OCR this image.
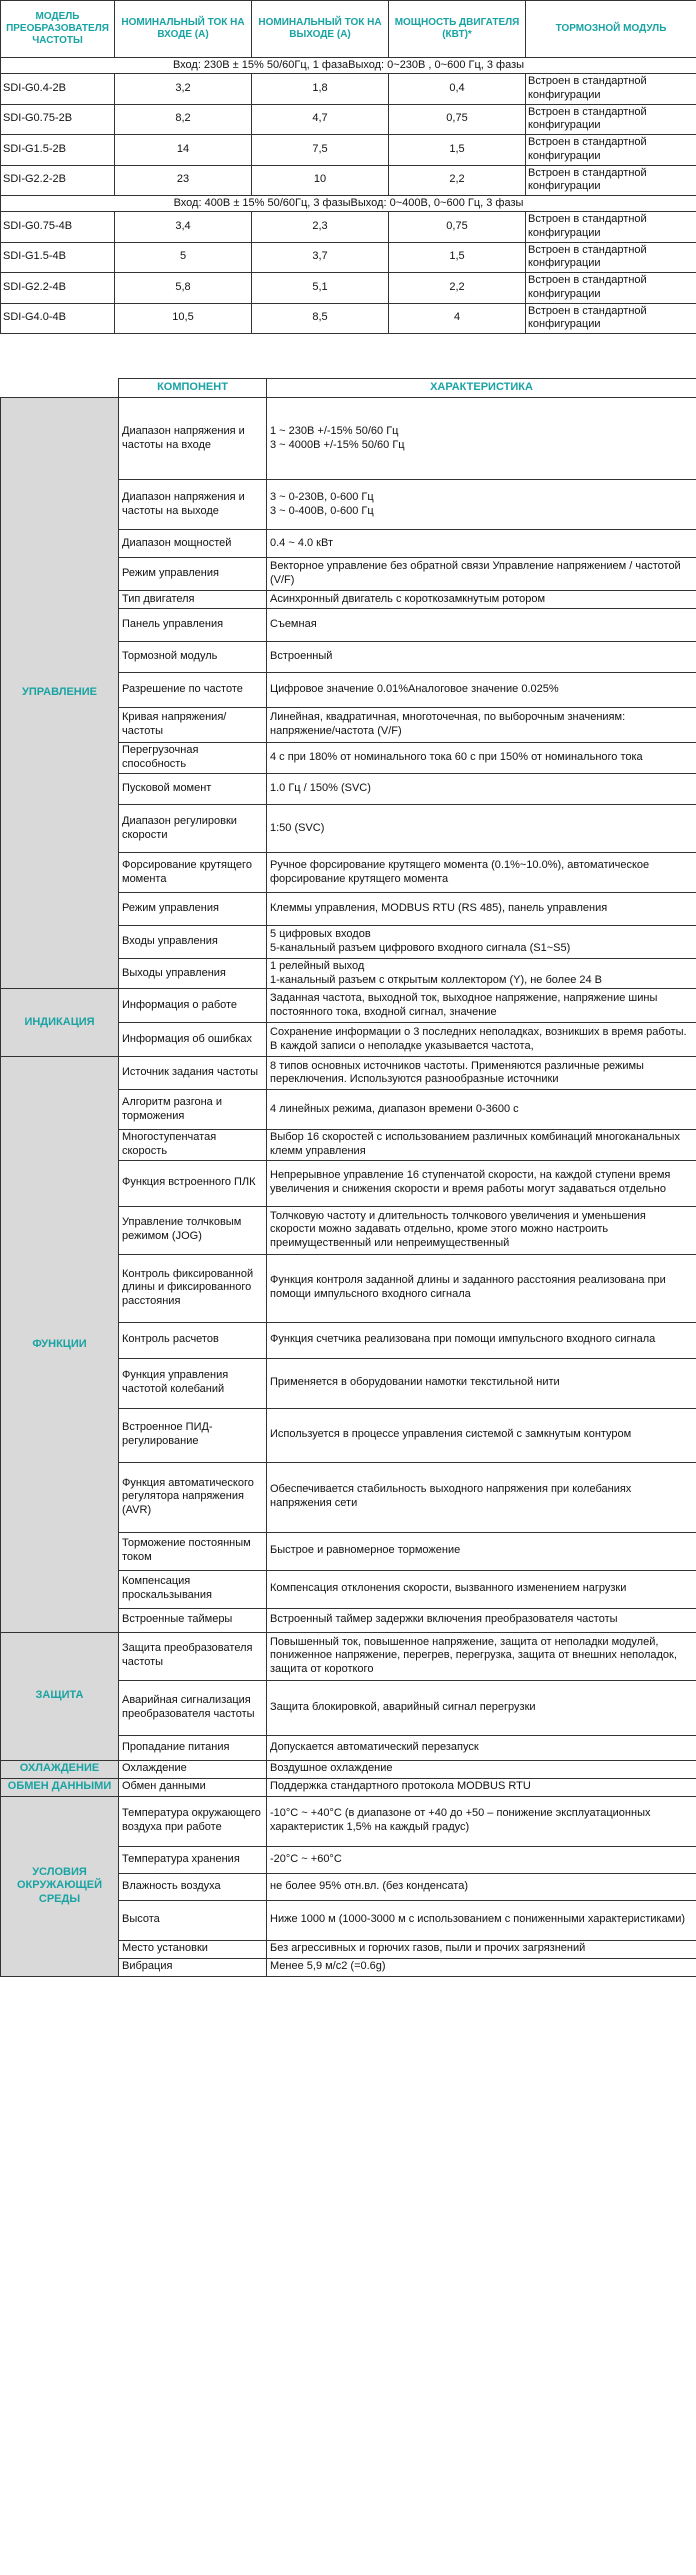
МОДЕЛЬ ПРЕОБРАЗОВАТЕЛЯ ЧАСТОТЫ	НОМИНАЛЬНЫЙ ТОК НА ВХОДЕ (А)	НОМИНАЛЬНЫЙ ТОК НА ВЫХОДЕ (А)	МОЩНОСТЬ ДВИГАТЕЛЯ (КВТ)*	ТОРМОЗНОЙ МОДУЛЬ
Вход: 230В ± 15% 50/60Гц, 1 фазаВыход: 0~230В , 0~600 Гц, 3 фазы				
SDI-G0.4-2B	3,2	1,8	0,4	Встроен в стандартной конфигурации
SDI-G0.75-2B	8,2	4,7	0,75	Встроен в стандартной конфигурации
SDI-G1.5-2B	14	7,5	1,5	Встроен в стандартной конфигурации
SDI-G2.2-2B	23	10	2,2	Встроен в стандартной конфигурации
Вход: 400В ± 15% 50/60Гц, 3 фазыВыход: 0~400В, 0~600 Гц, 3 фазы				
SDI-G0.75-4B	3,4	2,3	0,75	Встроен в стандартной конфигурации
SDI-G1.5-4B	5	3,7	1,5	Встроен в стандартной конфигурации
SDI-G2.2-4B	5,8	5,1	2,2	Встроен в стандартной конфигурации
SDI-G4.0-4B	10,5	8,5	4	Встроен в стандартной конфигурации
	КОМПОНЕНТ	ХАРАКТЕРИСТИКА
УПРАВЛЕНИЕ	Диапазон напряжения и частоты на входе	1 ~ 230В +/-15% 50/60 Гц
3 ~ 4000В +/-15% 50/60 Гц
	Диапазон напряжения и частоты на выходе	3 ~ 0-230В, 0-600 Гц
3 ~ 0-400В, 0-600 Гц
	Диапазон мощностей	0.4 ~ 4.0 кВт
	Режим управления	Векторное управление без обратной связи Управление напряжением / частотой (V/F)
	Тип двигателя	Асинхронный двигатель с короткозамкнутым ротором
	Панель управления	Съемная
	Тормозной модуль	Встроенный
	Разрешение по частоте	Цифровое значение 0.01%Аналоговое значение 0.025%
	Кривая напряжения/частоты	Линейная, квадратичная, многоточечная, по выборочным значениям: напряжение/частота (V/F)
	Перегрузочная способность	4 с при 180% от номинального тока 60 с при 150% от номинального тока
	Пусковой момент	1.0 Гц / 150% (SVC)
	Диапазон регулировки скорости	1:50 (SVC)
	Форсирование крутящего момента	Ручное форсирование крутящего момента (0.1%~10.0%), автоматическое форсирование крутящего момента
	Режим управления	Клеммы управления, MODBUS RTU (RS 485), панель управления
	Входы управления	5 цифровых входов
5-канальный разъем цифрового входного сигнала (S1~S5)
	Выходы управления	1 релейный выход
1-канальный разъем с открытым коллектором (Y), не более 24 В
ИНДИКАЦИЯ	Информация о работе	Заданная частота, выходной ток, выходное напряжение, напряжение шины постоянного тока, входной сигнал, значение
	Информация об ошибках	Сохранение информации о 3 последних неполадках, возникших в время работы. В каждой записи о неполадке указывается частота,
ФУНКЦИИ	Источник задания частоты	8 типов основных источников частоты. Применяются различные режимы переключения. Используются разнообразные источники
	Алгоритм разгона и торможения	4 линейных режима, диапазон времени 0-3600 с
	Многоступенчатая скорость	Выбор 16 скоростей с использованием различных комбинаций многоканальных клемм управления
	Функция встроенного ПЛК	Непрерывное управление 16 ступенчатой скорости, на каждой ступени время увеличения и снижения скорости и время работы могут задаваться отдельно
	Управление толчковым режимом (JOG)	Толчковую частоту и длительность толчкового увеличения и уменьшения скорости можно задавать отдельно, кроме этого можно настроить преимущественный или непреимущественный
	Контроль фиксированной длины и фиксированного расстояния	Функция контроля заданной длины и заданного расстояния реализована при помощи импульсного входного сигнала
	Контроль расчетов	Функция счетчика реализована при помощи импульсного входного сигнала
	Функция управления частотой колебаний	Применяется в оборудовании намотки текстильной нити
	Встроенное ПИД-регулирование	Используется в процессе управления системой с замкнутым контуром
	Функция автоматического регулятора напряжения (AVR)	Обеспечивается стабильность выходного напряжения при колебаниях напряжения сети
	Торможение постоянным током	Быстрое и равномерное торможение
	Компенсация проскальзывания	Компенсация отклонения скорости, вызванного изменением нагрузки
	Встроенные таймеры	Встроенный таймер задержки включения преобразователя частоты
ЗАЩИТА	Защита преобразователя частоты	Повышенный ток, повышенное напряжение, защита от неполадки модулей, пониженное напряжение, перегрев, перегрузка, защита от внешних неполадок, защита от короткого
	Аварийная сигнализация преобразователя частоты	Защита блокировкой, аварийный сигнал перегрузки
	Пропадание питания	Допускается автоматический перезапуск
ОХЛАЖДЕНИЕ	Охлаждение	Воздушное охлаждение
ОБМЕН ДАННЫМИ	Обмен данными	Поддержка стандартного протокола MODBUS RTU
УСЛОВИЯ ОКРУЖАЮЩЕЙ СРЕДЫ	Температура окружающего воздуха при работе	-10°C ~ +40°C (в диапазоне от +40 до +50 – понижение эксплуатационных характеристик 1,5% на каждый градус)
	Температура хранения	-20°C ~ +60°C
	Влажность воздуха	не более 95% отн.вл. (без конденсата)
	Высота	Ниже 1000 м (1000-3000 м с использованием с пониженными характеристиками)
	Место установки	Без агрессивных и горючих газов, пыли и прочих загрязнений
	Вибрация	Менее 5,9 м/с2 (=0.6g)
